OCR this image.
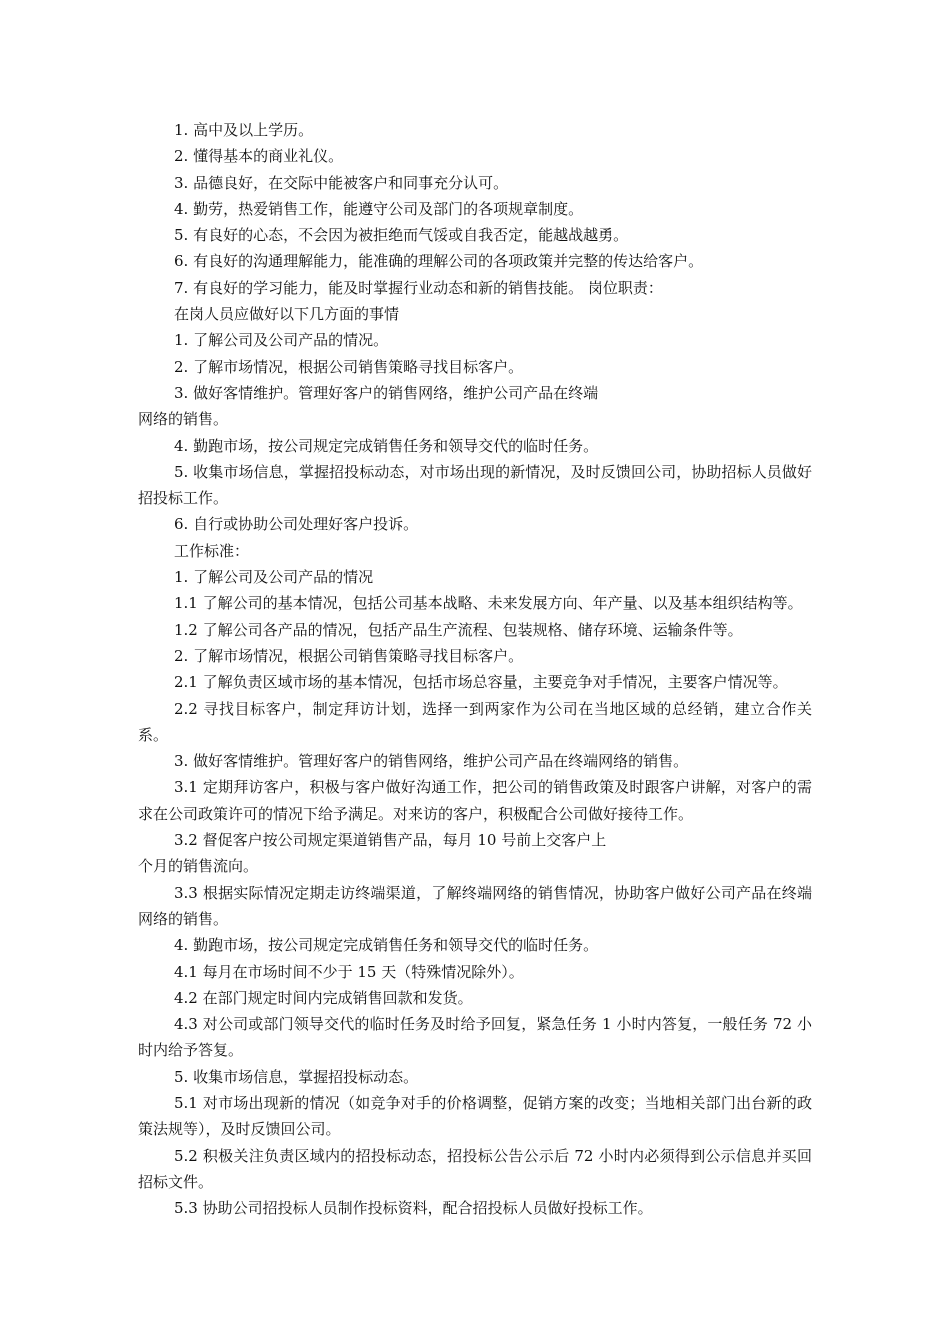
1. 高中及以上学历。

2. 懂得基本的商业礼仪。

3. 品德良好，在交际中能被客户和同事充分认可。

4. 勤劳，热爱销售工作，能遵守公司及部门的各项规章制度。

5. 有良好的心态，不会因为被拒绝而气馁或自我否定，能越战越勇。

6. 有良好的沟通理解能力，能准确的理解公司的各项政策并完整的传达给客户。

7. 有良好的学习能力，能及时掌握行业动态和新的销售技能。 岗位职责：

在岗人员应做好以下几方面的事情

1. 了解公司及公司产品的情况。

2. 了解市场情况，根据公司销售策略寻找目标客户。

3. 做好客情维护。管理好客户的销售网络，维护公司产品在终端

网络的销售。

4. 勤跑市场，按公司规定完成销售任务和领导交代的临时任务。

5. 收集市场信息，掌握招投标动态，对市场出现的新情况，及时反馈回公司，协助招标人员做好招投标工作。

6. 自行或协助公司处理好客户投诉。

工作标准：

1. 了解公司及公司产品的情况

1.1 了解公司的基本情况，包括公司基本战略、未来发展方向、年产量、以及基本组织结构等。

1.2 了解公司各产品的情况，包括产品生产流程、包装规格、储存环境、运输条件等。

2. 了解市场情况，根据公司销售策略寻找目标客户。

2.1 了解负责区域市场的基本情况，包括市场总容量，主要竞争对手情况，主要客户情况等。

2.2 寻找目标客户，制定拜访计划，选择一到两家作为公司在当地区域的总经销，建立合作关系。

3. 做好客情维护。管理好客户的销售网络，维护公司产品在终端网络的销售。

3.1 定期拜访客户，积极与客户做好沟通工作，把公司的销售政策及时跟客户讲解，对客户的需求在公司政策许可的情况下给予满足。对来访的客户，积极配合公司做好接待工作。

3.2 督促客户按公司规定渠道销售产品，每月 10 号前上交客户上

个月的销售流向。

3.3 根据实际情况定期走访终端渠道，了解终端网络的销售情况，协助客户做好公司产品在终端网络的销售。

4. 勤跑市场，按公司规定完成销售任务和领导交代的临时任务。

4.1 每月在市场时间不少于 15 天（特殊情况除外）。

4.2 在部门规定时间内完成销售回款和发货。

4.3 对公司或部门领导交代的临时任务及时给予回复，紧急任务 1 小时内答复，一般任务 72 小时内给予答复。

5. 收集市场信息，掌握招投标动态。

5.1 对市场出现新的情况（如竞争对手的价格调整，促销方案的改变；当地相关部门出台新的政策法规等），及时反馈回公司。

5.2 积极关注负责区域内的招投标动态，招投标公告公示后 72 小时内必须得到公示信息并买回招标文件。

5.3 协助公司招投标人员制作投标资料，配合招投标人员做好投标工作。
